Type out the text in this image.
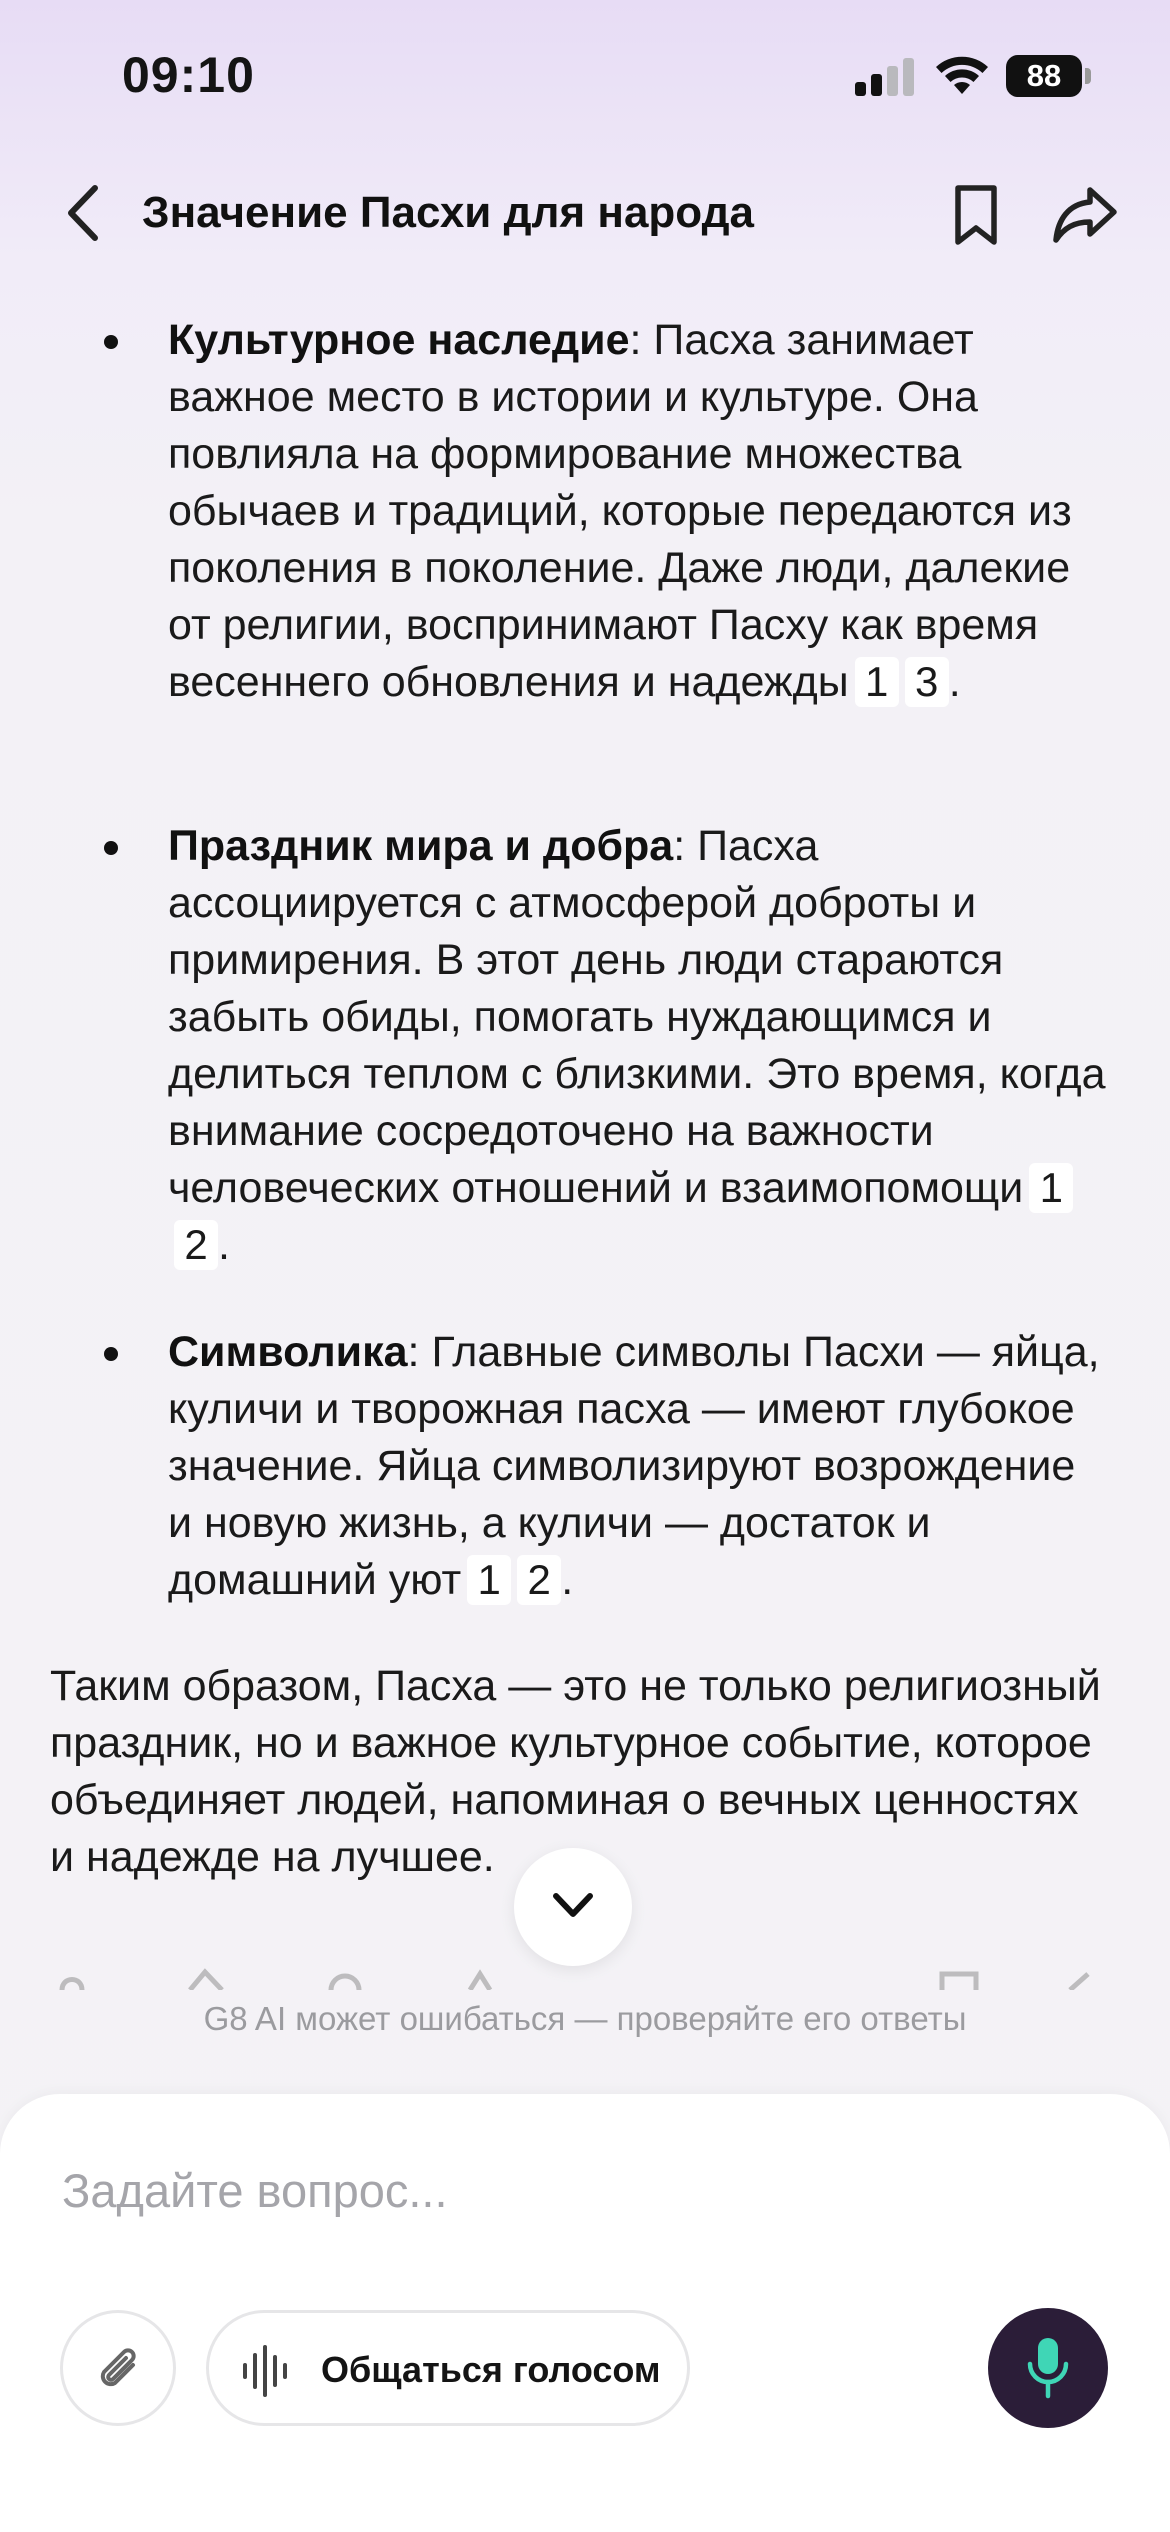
09:10	88
Значение Пасхи для народа
Культурное наследие: Пасха занимает важное место в истории и культуре. Она повлияла на формирование множества обычаев и традиций, которые передаются из поколения в поколение. Даже люди, далекие от религии, воспринимают Пасху как время весеннего обновления и надежды 1 3 .
Праздник мира и добра: Пасха ассоциируется с атмосферой доброты и примирения. В этот день люди стараются забыть обиды, помогать нуждающимся и делиться теплом с близкими. Это время, когда внимание сосредоточено на важности человеческих отношений и взаимопомощи 12 .
Символика: Главные символы Пасхи — яйца, куличи и творожная пасха — имеют глубокое значение. Яйца символизируют возрождение и новую жизнь, а куличи — достаток и домашний уют 1 2 .
Таким образом, Пасха — это не только религиозный праздник, но и важное культурное событие, которое объединяет людей, напоминая о вечных ценностях и надежде на лучшее.
G8 AI может ошибаться — проверяйте его ответы
Задайте вопрос...
Общаться голосом
